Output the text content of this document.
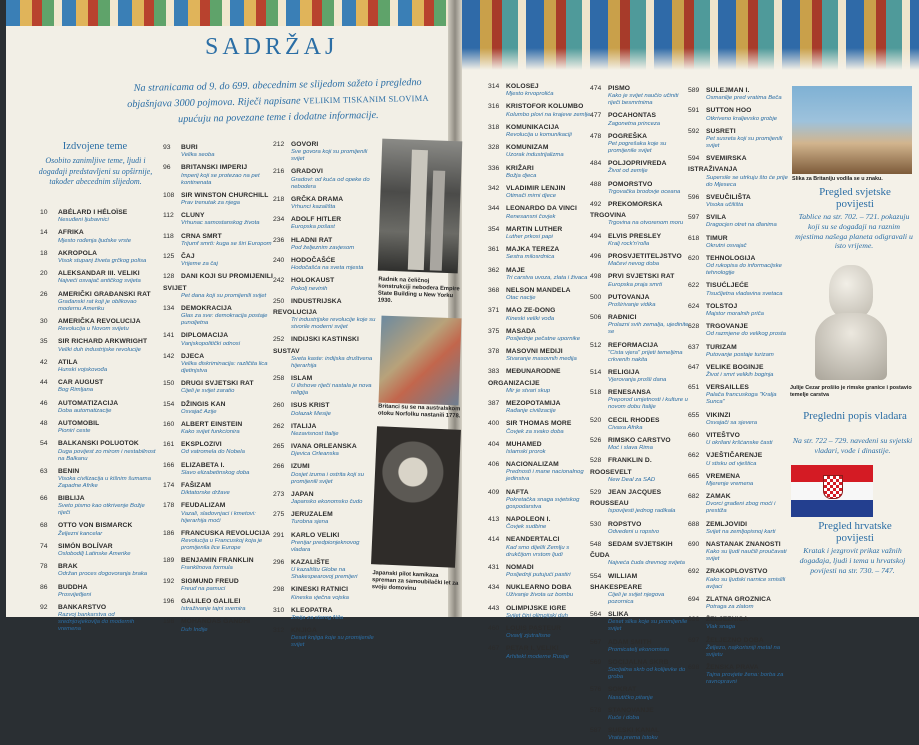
SADRŽAJ
Na stranicama od 9. do 699. abecednim se slijedom sažeto i pregledno objašnjava 3000 pojmova. Riječi napisane VELIKIM TISKANIM SLOVIMA upućuju na povezane teme i dodatne informacije.
Izdvojene teme
Osobito zanimljive teme, ljudi i događaji predstavljeni su opširnije, također abecednim slijedom.
10 ABÉLARD I HÉLOÏSE
Nesuđeni ljubavnici
14 AFRIKA
Mjesto rođenja ljudske vrste
18 AKROPOLA
Visok stupanj živeta grčkog polisa
20 ALEKSANDAR III. VELIKI
Najveći osvajač antičkog svijeta
26 AMERIČKI GRAĐANSKI RAT
Građanski rat koji je oblikovao modernu Ameriku
30 AMERIČKA REVOLUCIJA
Revolucija u Novom svijetu
35 SIR RICHARD ARKWRIGHT
Veliki duh industrijske revolucije
42 ATILA
Hunski vojskovođa
44 CAR AUGUST
Bog Rimljana
46 AUTOMATIZACIJA
Doba automatizacije
48 AUTOMOBIL
Pionirí ceste
54 BALKANSKI POLUOTOK
Duga povijest zo mirom i nestabilnost na Balkanu
63 BENIN
Visoka civilizacija u kišnim šumama Zapadne Afrike
66 BIBLIJA
Sveto pismo kao otkrivenje Božje riječi
68 OTTO VON BISMARCK
Željezni kancelar
74 SIMÓN BOLÍVAR
Oslobodilj Latinske Amerike
78 BRAK
Održan proces dogovoranja braka
86 BUDDHA
Prosvijetljeni
92 BANKARSTVO
Razvoj bankarstva od srednjovjekovlja do modernih vremena
93 BURI
Velika seoba
96 BRITANSKI IMPERIJ
Imperij koji se protezao na pet kontinenata
108 SIR WINSTON CHURCHILL
Prav trenutak za njega
112 CLUNY
Vrhunac samostanskog života
118 CRNA SMRT
Trijumf smrti: kuga se širi Europom
125 ČAJ
Vrijeme za čaj
128 DANI KOJI SU PROMIJENILI SVIJET
Pet dana koji su promijenili svijet
134 DEMOKRACIJA
Glas za sve: demokracija postaje punoljetna
141 DIPLOMACIJA
Vanjskopolitički odnosi
142 DJECA
Velika diskriminacija: različita lica djetinjstva
150 DRUGI SVJETSKI RAT
Cijeli je svijet zaratio
154 DŽINGIS KAN
Osvajač Azije
160 ALBERT EINSTEIN
Kako svijet funkcionira
161 EKSPLOZIVI
Od vatromela do Nobela
166 ELIZABETA I.
Slavo elizabetinskog doba
174 FAŠIZAM
Diktatorske države
178 FEUDALIZAM
Vazali, sladovnjaci i kmetovi: hijerarhija moći
186 FRANCUSKA REVOLUCIJA
Revolucija u Francuskoj koja je promijenila lice Europe
189 BENJAMIN FRANKLIN
Franklinova formula
192 SIGMUND FREUD
Freud na pamuci
196 GALILEO GALILEI
Istraživanje tajni svemira
198 MOHANDAS GANDHI
Duh Indije
212 GOVORI
Sve govora koji su promijenili svijet
216 GRADOVI
Gradovi: od kuća od opeke do nebodera
218 GRČKA DRAMA
Vrhunci kazališta
234 ADOLF HITLER
Europska pošast
236 HLADNI RAT
Pod željeznim zavjesom
240 HODOČAŠĆE
Hodočašća na sveta mjesta
242 HOLOKAUST
Pokolj nevinih
250 INDUSTRIJSKA REVOLUCIJA
Tri industrijske revolucije koje su stvorile moderni svijet
252 INDIJSKI KASTINSKI SUSTAV
Sveta kaste: indijska društvena hijerarhija
258 ISLAM
U ilishove riječi nastala je nova religija
260 ISUS KRIST
Dolazak Mesije
262 ITALIJA
Nezavisnost Italije
265 IVANA ORLEANSKA
Djevica Orleanska
266 IZUMI
Dosjet izuma i ostrita koji su promijenili svijet
273 JAPAN
Japansko ekonomsko čudo
275 JERUZALEM
Turobna sjena
291 KARLO VELIKI
Prenijar predpionjeknovog vladara
296 KAZALIŠTE
U kazalištu Globe na Shakespearovoj premijeri
298 KINESKI RATNICI
Kineska vječna vojska
310 KLEOPATRA
Zmija za starog Nila
312 KNJIGA
Deset knjiga koje su promijenile svijet
314 KOLOSEJ
Mjesto krvoprolića
316 KRISTOFOR KOLUMBO
Kolumbo plovi na krajeve zemlje
318 KOMUNIKACIJA
Revolucija u komunikaciji
328 KOMUNIZAM
Uzorak industrijalizma
336 KRIŽARI
Božja djeca
342 VLADIMIR LENJIN
Otimači mirni djece
344 LEONARDO DA VINCI
Renesansni čovjek
354 MARTIN LUTHER
Luther prkosi papi
361 MAJKA TEREZA
Sestra milosrdnica
362 MAJE
Tri carstva uvoza, zlata i živaca
368 NELSON MANDELA
Otac nacije
371 MAO ZE-DONG
Kineski veliki vođa
375 MASADA
Posljednje pečatne upornike
378 MASOVNI MEDIJI
Stvaranje masovnih medija
383 MEĐUNARODNE ORGANIZACIJE
Mir je stvari skup
387 MEZOPOTAMIJA
Rađanje civilizacije
400 SIR THOMAS MORE
Čovjek za svako doba
404 MUHAMED
Islamski prorok
406 NACIONALIZAM
Prednosti i mane nacionalnog jedinstva
409 NAFTA
Pokretačka snaga svjetskog gospodarstva
413 NAPOLEON I.
Čovjek sudbine
414 NEANDERTALCI
Kad smo dijelili Zemlju s drukčijom vrstom ljudi
431 NOMADI
Posljednji putujući pastiri
434 NUKLEARNO DOBA
Uživanje života uz bombu
443 OLIMPIJSKE IGRE
Svijet čini olimpijski duh
460 LOUIS PASTEUR
Ovavlj zjutralisne
467 PETAR I. VELIKI
Arhitekt moderne Rusije
474 PISMO
Kako je svijet naučio učiniti riječi besmrtnima
477 POCAHONTAS
Zagonetna princeza
478 POGREŠKA
Pet pogrešaka koje su promijenile svijet
484 POLJOPRIVREDA
Život od zemlje
488 POMORSTVO
Trgovačka brodovje oceana
492 PREKOMORSKA TRGOVINA
Trgovina na otvorenom moru
494 ELVIS PRESLEY
Kralj rock'n'rolla
496 PROSVJETITELJSTVO
Mačevi nevog doba
498 PRVI SVJETSKI RAT
Europska praja smrti
500 PUTOVANJA
Proširivanje vidika
506 RAĐNICI
Prolazni svih zemalja, ujedinite se
512 REFORMACIJA
"Cista vjera" prijeti temeljima crkvenih nakita
514 RELIGIJA
Vjerovanja prošli dana
518 RENESANSA
Preporod umjetnosti i kulture u novom dobu Italije
520 CECIL RHODES
Civaxa Afrika
526 RIMSKO CARSTVO
Moć i slava Rima
528 FRANKLIN D. ROOSEVELT
New Deal za SAD
529 JEAN JACQUES ROUSSEAU
Ispovijesti jednog radikala
530 ROPSTVO
Odvedeni u ropstvo
548 SEDAM SVJETSKIH ČUDA
Najveća čuda drevnog svijeta
554 WILLIAM SHAKESPEARE
Cijeli je svijet njegova pozornica
564 SLIKA
Deset slika koje su promijenile svijet
567 ADAM SMITH
Promicatelj ekonomista
569 SOCIJALNA SKRB
Socijalna skrb od kolijevke do groba
576 SOKRAT
Nasutičko pitanje
578 STANOVANJE
Kuće i doba
587 SUESKI KANAL
Vrata prema Istoku
589 SULEJMAN I.
Osmanlije pred vratima Beča
591 SUTTON HOO
Otkriveno kraljevsko grobje
592 SUSRETI
Pet susreta koji su promijenili svijet
594 SVEMIRSKA ISTRAŽIVANJA
Supersile se utrkuju što će prije do Mjeseca
596 SVEUČILIŠTA
Visoka učilišta
597 SVILA
Dragocjen otret na dlanima
618 TIMUR
Okrutni osvajač
620 TEHNOLOGIJA
Od rukopisa do informacijske tehnologije
622 TISUĆLJEĆE
Tisućljetna vladavina svetaca
624 TOLSTOJ
Majstor moralnih priča
628 TRGOVANJE
Od razmjene do velikog prosta
637 TURIZAM
Putovanje postaje turizam
647 VELIKE BOGINJE
Život i smrt velikih boginja
651 VERSAILLES
Palača francuskoga "Kralja Sunca"
655 VIKINZI
Osvajači sa sjevera
660 VITEŠTVO
U okrilani kršćanske časti
662 VJEŠTIČARENJE
U stisku od vještica
665 VREMENA
Mjerenje vremena
682 ZAMAK
Dvorci građeni zbog moći i prestiža
688 ZEMLJOVIDI
Svijet na zemljopisnoj karti
690 NASTANAK ZNANOSTI
Kako su ljudi naučili proučavati svijet
692 ZRAKOPLOVSTVO
Kako su ljudski narnice smislili avijaci
694 ZLATNA GROZNICA
Potraga za zlatom
696 ŽELJEZNICA
Vlak snaga
697 ŽELJEZNO DOBA
Željezo, najkorisniji metal na svijetu
698 ŽENSKA PRAVA
Tajna provjete žena: borba za ravnopravni
Radnik na čeličnoj konstrukciji nebodera Empire State Building u New Yorku 1930.
Britanci su se na australskom otoku Norfolku nastanili 1778.
Japanski pilot kamikaza spreman za samoubilački let za svoju domovinu
Slika za Britaniju vodila se u znaku.
Pregled svjetske povijesti
Tablice na str. 702. – 721. pokazuju koji su se događaji na raznim mjestima našega planeta odigravali u isto vrijeme.
Julije Cezar prošiio je rimske granice i postavio temelje carstva
Pregledni popis vladara
Na str. 722 – 729. navedeni su svjetski vladari, vođe i dinastije.
Pregled hrvatske povijesti
Kratak i jezgrovit prikaz važnih događaja, ljudi i tema u hrvatskoj povijesti na str. 730. – 747.
